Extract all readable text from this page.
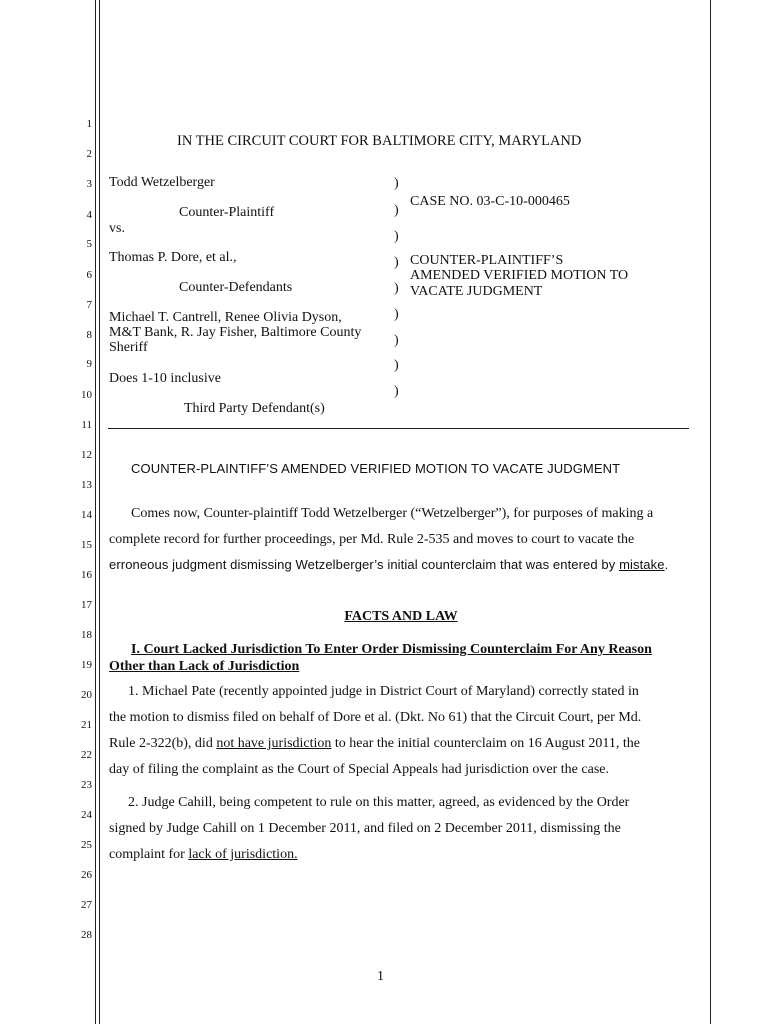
1
2
3
4
5
6
7
8
9
10
11
12
13
14
15
16
17
18
19
20
21
22
23
24
25
26
27
28
IN THE CIRCUIT COURT FOR BALTIMORE CITY, MARYLAND
Todd Wetzelberger
Counter-Plaintiff
vs.
Thomas P. Dore, et al.,
Counter-Defendants
Michael T. Cantrell, Renee Olivia Dyson,
M&T Bank, R. Jay Fisher, Baltimore County
Sheriff
Does 1-10 inclusive
Third Party Defendant(s)
)
)
)
)
)
)
)
)
)
CASE NO. 03-C-10-000465
COUNTER-PLAINTIFF’S
AMENDED VERIFIED MOTION TO
VACATE JUDGMENT
COUNTER-PLAINTIFF’S AMENDED VERIFIED MOTION TO VACATE JUDGMENT
Comes now, Counter-plaintiff Todd Wetzelberger (“Wetzelberger”), for purposes of making a
complete record for further proceedings, per Md. Rule 2-535 and moves to court to vacate the
erroneous judgment dismissing Wetzelberger’s initial counterclaim that was entered by mistake.
FACTS AND LAW
I. Court Lacked Jurisdiction To Enter Order Dismissing Counterclaim For Any Reason
Other than Lack of Jurisdiction
1. Michael Pate (recently appointed judge in District Court of Maryland) correctly stated in
the motion to dismiss filed on behalf of Dore et al. (Dkt. No 61) that the Circuit Court, per Md.
Rule 2-322(b), did not have jurisdiction to hear the initial counterclaim on 16 August 2011, the
day of filing the complaint as the Court of Special Appeals had jurisdiction over the case.
2. Judge Cahill, being competent to rule on this matter, agreed, as evidenced by the Order
signed by Judge Cahill on 1 December 2011, and filed on 2 December 2011, dismissing the
complaint for lack of jurisdiction.
1
